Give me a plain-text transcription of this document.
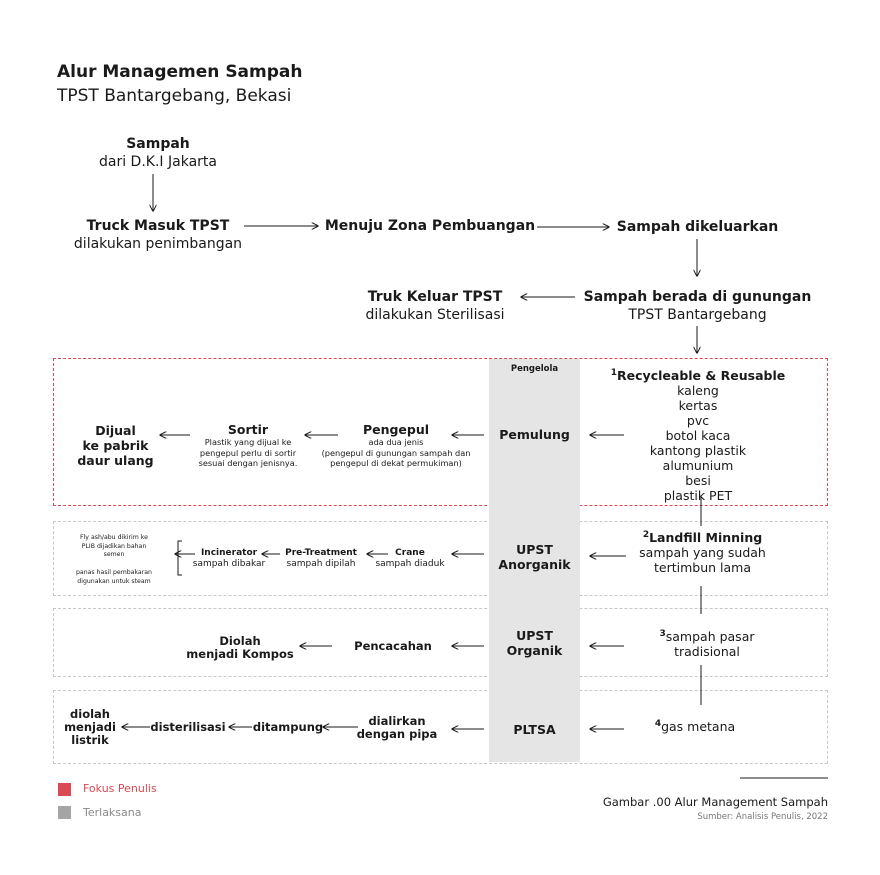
Alur Managemen Sampah
TPST Bantargebang, Bekasi
Sampah
dari D.K.I Jakarta
Truck Masuk TPST
dilakukan penimbangan
Menuju Zona Pembuangan	Sampah dikeluarkan
Sampah berada di gunungan
TPST Bantargebang
Truk Keluar TPST
dilakukan Sterilisasi
Pengelola
Pemulung
$^1$Recycleable & Reusable
kaleng
kertas
pvc
botol kaca
kantong plastik
alumunium
besi
plastik PET
Pengepul
ada dua jenis
(pengepul di gunungan sampah dan
pengepul di dekat permukiman)
Sortir
Plastik yang dijual ke
pengepul perlu di sortir
sesuai dengan jenisnya.
Dijual
ke pabrik
daur ulang
UPST
Anorganik
$^2$Landfill Minning
sampah yang sudah
tertimbun lama
Crane
sampah diaduk
Pre-Treatment
sampah dipilah
Incinerator
sampah dibakar
Fly ash/abu dikirim ke
PLIB dijadikan bahan
semen
panas hasil pembakaran
digunakan untuk steam
UPST
Organik
$^3$sampah pasar
tradisional
Pencacahan
Diolah
menjadi Kompos
PLTSA	$^4$gas metana
dialirkan
dengan pipa
ditampung
disterilisasi
diolah
menjadi
listrik
Fokus Penulis
Terlaksana
Gambar .00 Alur Management Sampah
Sumber: Analisis Penulis, 2022
